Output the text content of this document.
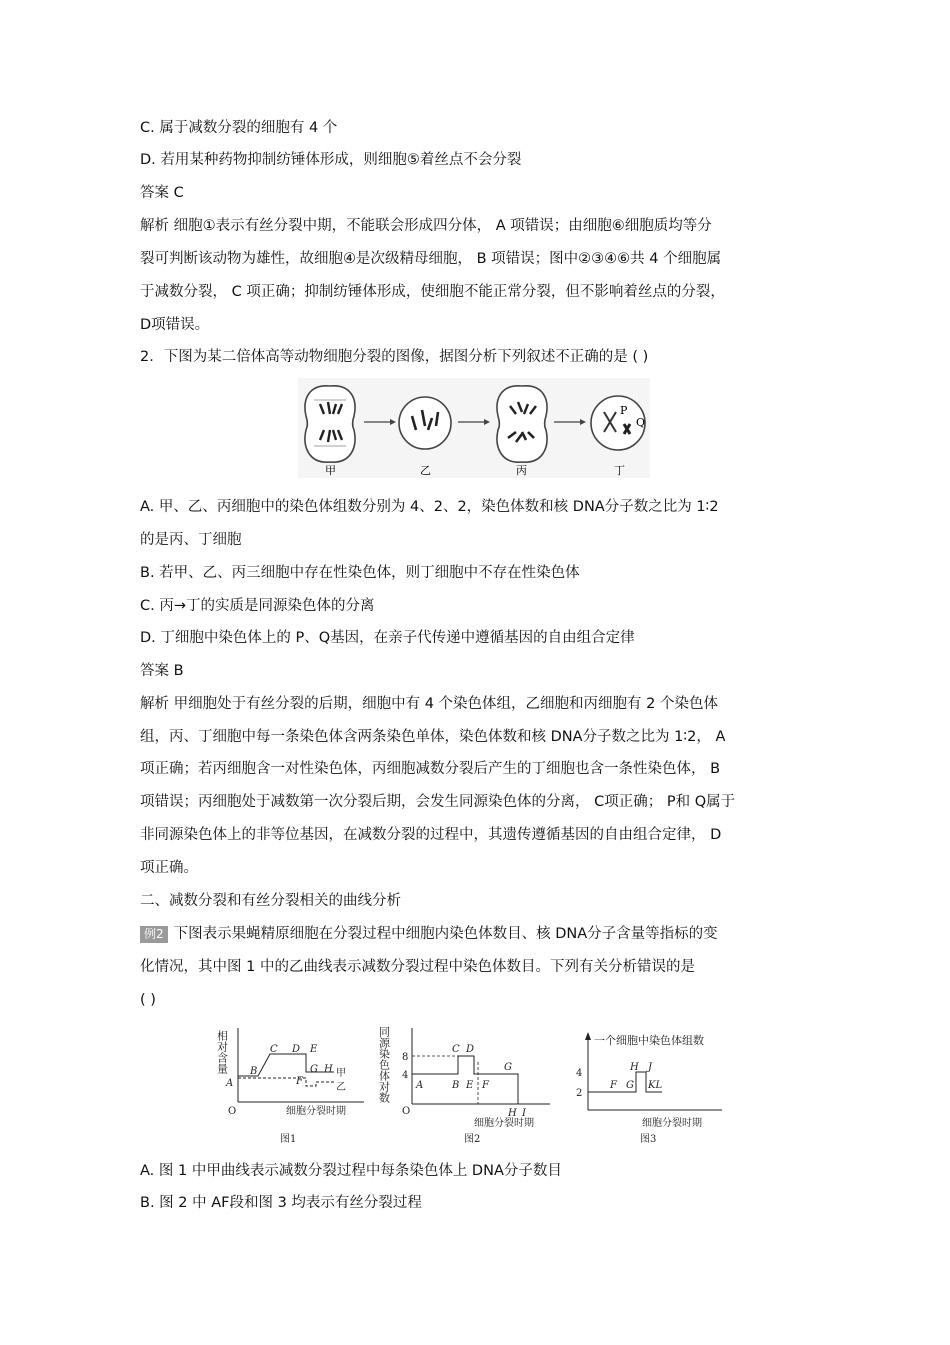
C. 属于减数分裂的细胞有 4 个
D. 若用某种药物抑制纺锤体形成，则细胞⑤着丝点不会分裂
答案 C
解析 细胞①表示有丝分裂中期，不能联会形成四分体， A 项错误；由细胞⑥细胞质均等分
裂可判断该动物为雄性，故细胞④是次级精母细胞， B 项错误；图中②③④⑥共 4 个细胞属
于减数分裂， C 项正确；抑制纺锤体形成，使细胞不能正常分裂，但不影响着丝点的分裂，
D项错误。
2．下图为某二倍体高等动物细胞分裂的图像，据图分析下列叙述不正确的是 ( )
P
Q
甲	乙	丙	丁
A. 甲、乙、丙细胞中的染色体组数分别为 4、2、2，染色体数和核 DNA分子数之比为 1∶2
的是丙、丁细胞
B. 若甲、乙、丙三细胞中存在性染色体，则丁细胞中不存在性染色体
C. 丙→丁的实质是同源染色体的分离
D. 丁细胞中染色体上的 P、Q基因，在亲子代传递中遵循基因的自由组合定律
答案 B
解析 甲细胞处于有丝分裂的后期，细胞中有 4 个染色体组，乙细胞和丙细胞有 2 个染色体
组，丙、丁细胞中每一条染色体含两条染色单体，染色体数和核 DNA分子数之比为 1∶2， A
项正确；若丙细胞含一对性染色体，丙细胞减数分裂后产生的丁细胞也含一条性染色体， B
项错误；丙细胞处于减数第一次分裂后期，会发生同源染色体的分离， C项正确； P和 Q属于
非同源染色体上的非等位基因，在减数分裂的过程中，其遗传遵循基因的自由组合定律， D
项正确。
二、减数分裂和有丝分裂相关的曲线分析
例2 下图表示果蝇精原细胞在分裂过程中细胞内染色体数目、核 DNA分子含量等指标的变
化情况，其中图 1 中的乙曲线表示减数分裂过程中染色体数目。下列有关分析错误的是
( )
相对含量
O
A
B
C D E
F
G H 甲
乙
细胞分裂时期
图1
同源染色体对数
O
8
4
A	B
C D
E F
G
H I
细胞分裂时期
图2
一个细胞中染色体组数
4
2
F G
H J
KL
细胞分裂时期
图3
A. 图 1 中甲曲线表示减数分裂过程中每条染色体上 DNA分子数目
B. 图 2 中 AF段和图 3 均表示有丝分裂过程
